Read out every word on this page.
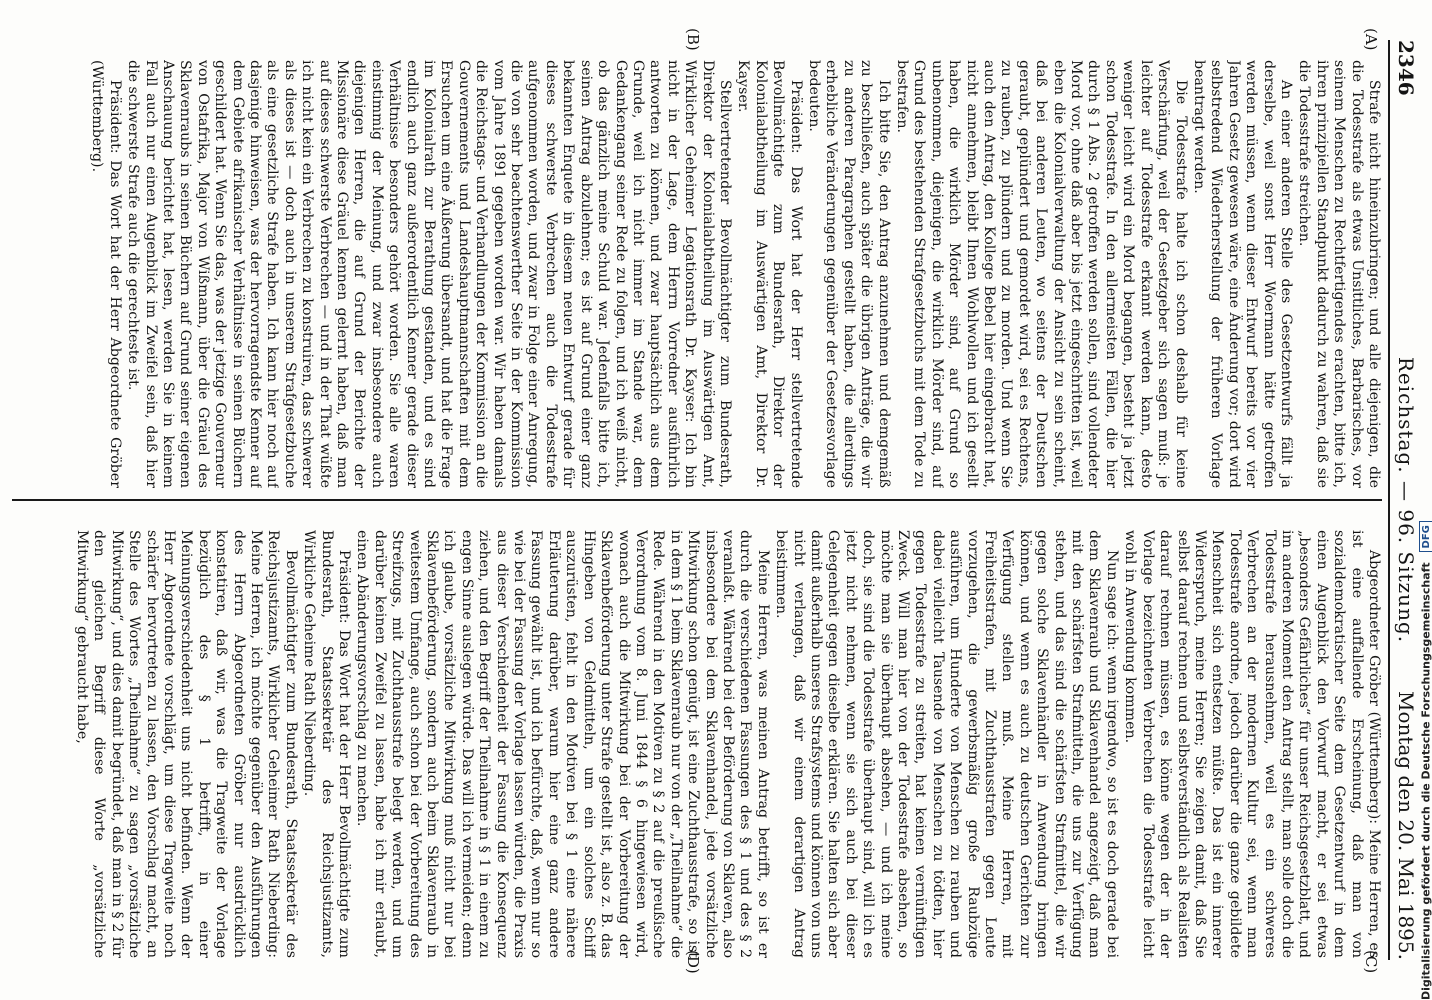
2346
Reichstag. — 96. Sitzung.
Montag den 20. Mai 1895.
(A)
(B)
(C)
(D)

Strafe nicht hineinzubringen; und alle diejenigen, die die Todesstrafe als etwas Unsittliches, Barbarisches, vor seinem Menschen zu Rechtfertigendes erachten, bitte ich, ihren prinzipiellen Standpunkt dadurch zu wahren, daß sie die Todesstrafe streichen.

An einer anderen Stelle des Gesetzentwurfs fällt ja derselbe, weil sonst Herr Woermann hätte getroffen werden müssen, wenn dieser Entwurf bereits vor vier Jahren Gesetz gewesen wäre, eine Änderung vor; dort wird selbstredend Wiederherstellung der früheren Vorlage beantragt werden.

Die Todesstrafe halte ich schon deshalb für keine Verschärfung, weil der Gesetzgeber sich sagen muß: je leichter auf Todesstrafe erkannt werden kann, desto weniger leicht wird ein Mord begangen, besteht ja jetzt schon Todesstrafe. In den allermeisten Fällen, die hier durch § 1 Abs. 2 getroffen werden sollen, sind vollendeter Mord vor, ohne daß aber bis jetzt eingeschritten ist, weil eben die Kolonialverwaltung der Ansicht zu sein scheint, daß bei anderen Leuten, wo seitens der Deutschen geraubt, geplündert und gemordet wird, sei es Rechtens, zu rauben, zu plündern und zu morden. Und wenn Sie auch den Antrag, den Kollege Bebel hier eingebracht hat, nicht annehmen, bleibt Ihnen Wohlwollen und ich gesellt haben, die wirklich Mörder sind, auf Grund so unbenommen, diejenigen, die wirklich Mörder sind, auf Grund des bestehenden Strafgesetzbuchs mit dem Tode zu bestrafen.

Ich bitte Sie, den Antrag anzunehmen und demgemäß zu beschließen, auch später die übrigen Anträge, die wir zu anderen Paragraphen gestellt haben, die allerdings erhebliche Veränderungen gegenüber der Gesetzesvorlage bedeuten.

Präsident: Das Wort hat der Herr stellvertretende Bevollmächtigte zum Bundesrath, Direktor der Kolonialabtheilung im Auswärtigen Amt, Direktor Dr. Kayser.

Stellvertretender Bevollmächtigter zum Bundesrath, Direktor der Kolonialabtheilung im Auswärtigen Amt, Wirklicher Geheimer Legationsrath Dr. Kayser: Ich bin nicht in der Lage, dem Herrn Vorredner ausführlich antworten zu können, und zwar hauptsächlich aus dem Grunde, weil ich nicht immer im Stande war, dem Gedankengang seiner Rede zu folgen, und ich weiß nicht, ob das gänzlich meine Schuld war. Jedenfalls bitte ich, seinen Antrag abzulehnen; es ist auf Grund einer ganz bekannten Enquete in diesem neuen Entwurf gerade für dieses schwerste Verbrechen auch die Todesstrafe aufgenommen worden, und zwar in Folge einer Anregung, die von sehr beachtenswerther Seite in der Kommission vom Jahre 1891 gegeben worden war. Wir haben damals die Reichstags- und Verhandlungen der Kommission an die Gouvernements und Landeshauptmannschaften mit dem Ersuchen um eine Äußerung übersandt, und hat die Frage im Kolonialrath zur Berathung gestanden, und es sind endlich auch ganz außerordentlich Kenner gerade dieser Verhältnisse besonders gehört worden. Sie alle waren einstimmig der Meinung, und zwar insbesondere auch diejenigen Herren, die auf Grund der Berichte der Missionäre diese Gräuel kennen gelernt haben, daß man auf dieses schwerste Verbrechen — und in der That wüßte ich nicht kein ein Verbrechen zu konstruiren, das schwerer als dieses ist — doch auch in unserem Strafgesetzbuche als eine gesetzliche Strafe haben. Ich kann hier noch auf dasjenige hinweisen, was der hervorragendste Kenner auf dem Gebiete afrikanischer Verhältnisse in seinen Büchern geschildert hat. Wenn Sie das, was der jetzige Gouverneur von Ostafrika, Major von Wißmann, über die Gräuel des Sklavenraubs in seinen Büchern auf Grund seiner eigenen Anschauung berichtet hat, lesen, werden Sie in keinem Fall auch nur einen Augenblick im Zweifel sein, daß hier die schwerste Strafe auch die gerechteste ist.

Präsident: Das Wort hat der Herr Abgeordnete Gröber (Württemberg).

Abgeordneter Gröber (Württemberg): Meine Herren, es ist eine auffallende Erscheinung, daß man von sozialdemokratischer Seite dem Gesetzentwurf in dem einen Augenblick den Vorwurf macht, er sei etwas „besonders Gefährliches“ für unser Reichsgesetzblatt, und im anderen Moment den Antrag stellt, man solle doch die Todesstrafe herausnehmen, weil es ein schweres Verbrechen an der modernen Kultur sei, wenn man Todesstrafe anordne, jedoch darüber die ganze gebildete Menschheit sich entsetzen müßte. Das ist ein innerer Widerspruch, meine Herren; Sie zeigen damit, daß Sie selbst darauf rechnen und selbstverständlich als Realisten darauf rechnen müssen, es könne wegen der in der Vorlage bezeichneten Verbrechen die Todesstrafe leicht wohl in Anwendung kommen.

Nun sage ich: wenn irgendwo, so ist es doch gerade bei dem Sklavenraub und Sklavenhandel angezeigt, daß man mit den schärfsten Strafmitteln, die uns zur Verfügung stehen, und das sind die schärfsten Strafmittel, die wir gegen solche Sklavenhändler in Anwendung bringen können, und wenn es auch zu deutschen Gerichten zur Verfügung stellen muß. Meine Herren, mit Freiheitsstrafen, mit Zuchthausstrafen gegen Leute vorzugehen, die gewerbsmäßig große Raubzüge ausführen, um Hunderte von Menschen zu rauben und dabei vielleicht Tausende von Menschen zu tödten, hier gegen Todesstrafe zu streiten, hat keinen vernünftigen Zweck. Will man hier von der Todesstrafe absehen, so möchte man sie überhaupt absehen, — und ich meine doch, sie sind die Todesstrafe überhaupt sind, will ich es jetzt nicht nehmen, wenn sie sich auch bei dieser Gelegenheit gegen dieselbe erklären. Sie halten sich aber damit außerhalb unseres Strafsystems und können von uns nicht verlangen, daß wir einem derartigen Antrag beistimmen.

Meine Herren, was meinen Antrag betrifft, so ist er durch die verschiedenen Fassungen des § 1 und des § 2 veranlaßt. Während bei der Beförderung von Sklaven, also insbesondere bei dem Sklavenhandel, jede vorsätzliche Mitwirkung schon genügt, ist eine Zuchthausstrafe, so ist in dem § 1 beim Sklavenraub nur von der „Theilnahme“ die Rede. Während in den Motiven zu § 2 auf die preußische Verordnung vom 8. Juni 1844 § 6 hingewiesen wird, wonach auch die Mitwirkung bei der Vorbereitung der Sklavenbeförderung unter Strafe gestellt ist, also z. B. das Hingeben von Geldmitteln, um ein solches Schiff auszurüsten, fehlt in den Motiven bei § 1 eine nähere Erläuterung darüber, warum hier eine ganz andere Fassung gewählt ist, und ich befürchte, daß, wenn nur so wie bei der Fassung der Vorlage lassen würden, die Praxis aus dieser Verschiedenheit der Fassung die Konsequenz ziehen, und den Begriff der Theilnahme in § 1 in einem zu engen Sinne auslegen würde. Das will ich vermeiden; denn ich glaube, vorsätzliche Mitwirkung muß nicht nur bei Sklavenbeförderung, sondern auch beim Sklavenraub in weitestem Umfange, auch schon bei der Vorbereitung des Streifzugs, mit Zuchthausstrafe belegt werden, und um darüber keinen Zweifel zu lassen, habe ich mir erlaubt, einen Abänderungsvorschlag zu machen.

Präsident: Das Wort hat der Herr Bevollmächtigte zum Bundesrath, Staatssekretär des Reichsjustizamts, Wirkliche Geheime Rath Nieberding.

Bevollmächtigter zum Bundesrath, Staatssekretär des Reichsjustizamts, Wirklicher Geheimer Rath Nieberding: Meine Herren, ich möchte gegenüber den Ausführungen des Herrn Abgeordneten Gröber nur ausdrücklich konstatiren, daß wir, was die Tragweite der Vorlage bezüglich des § 1 betrifft, in einer Meinungsverschiedenheit uns nicht befinden. Wenn der Herr Abgeordnete vorschlägt, um diese Tragweite noch schärfer hervortreten zu lassen, den Vorschlag macht, an Stelle des Wortes „Theilnahme“ zu sagen „vorsätzliche Mitwirkung“, und dies damit begründet, daß man in § 2 für den gleichen Begriff diese Worte „vorsätzliche Mitwirkung“ gebraucht habe,	Digitalisierung gefördert durch die Deutsche Forschungsgemeinschaft DFG
